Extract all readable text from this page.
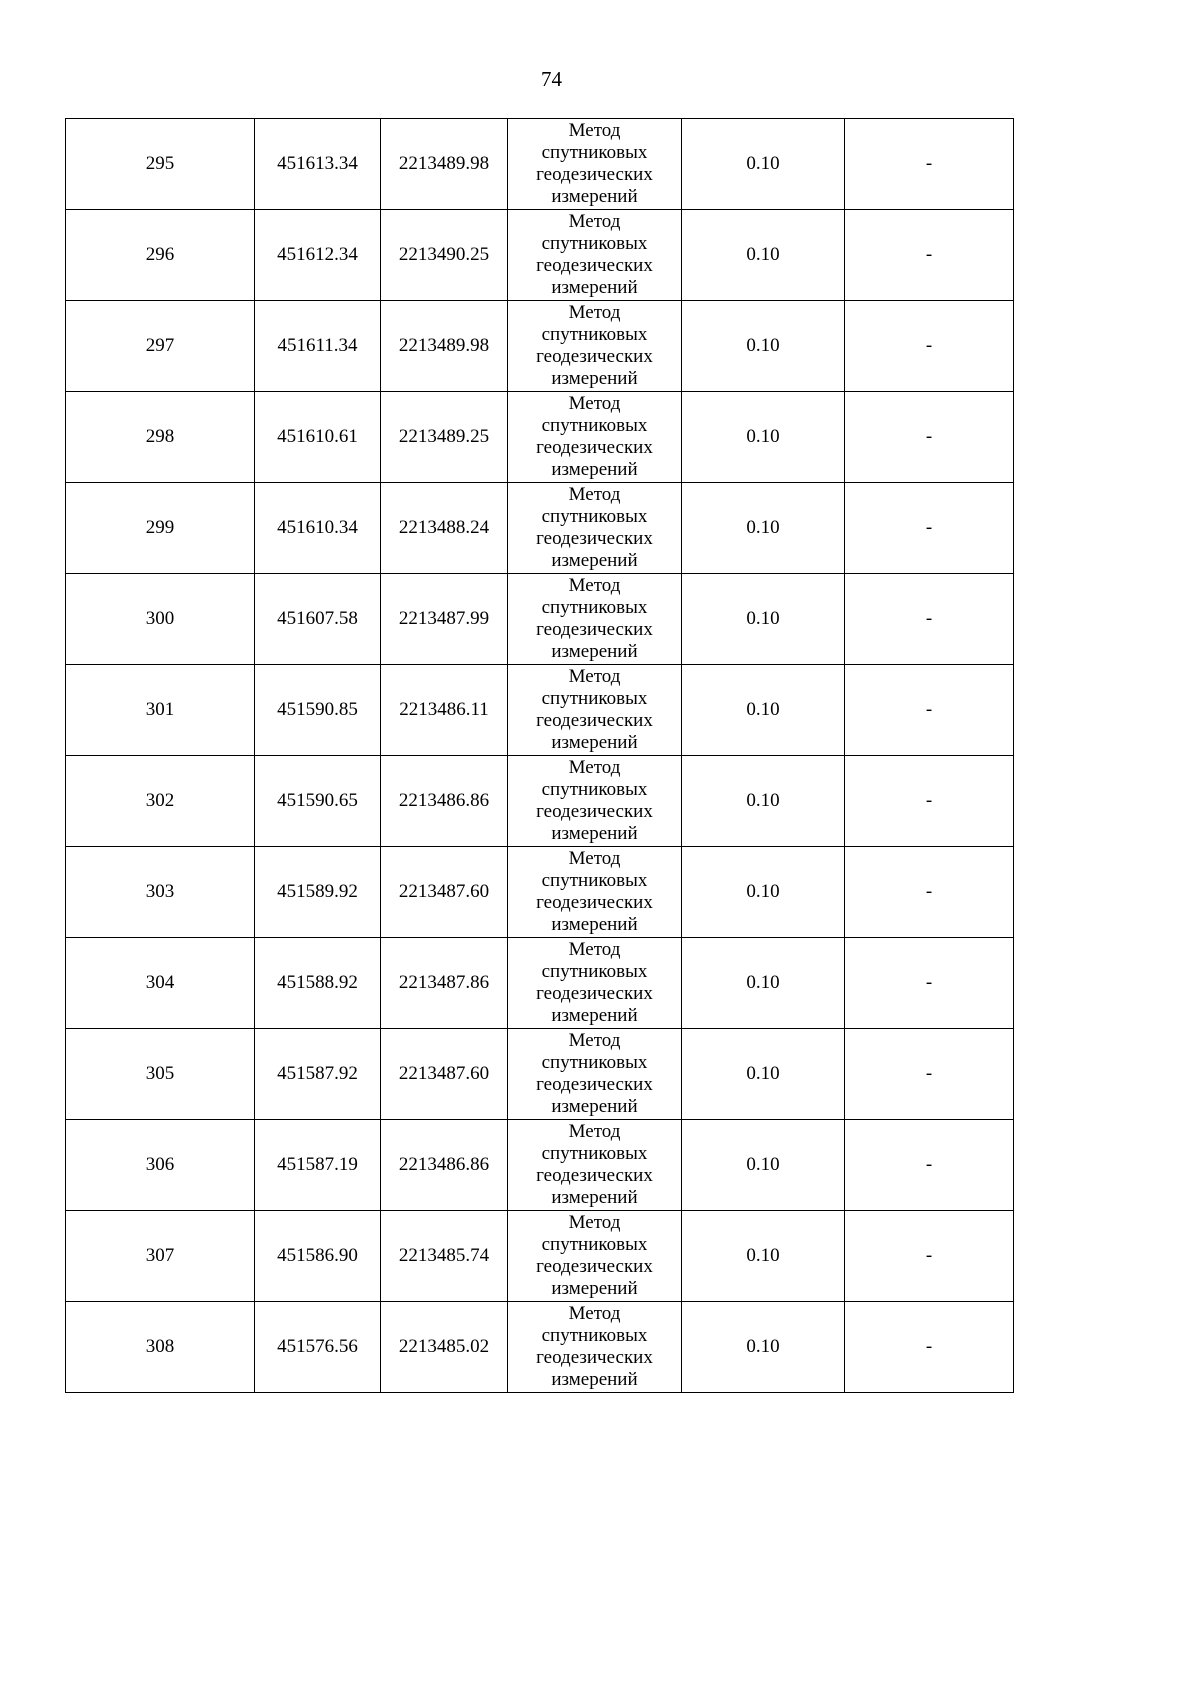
74
295	451613.34	2213489.98	Метод
спутниковых
геодезических
измерений	0.10	-
296	451612.34	2213490.25	Метод
спутниковых
геодезических
измерений	0.10	-
297	451611.34	2213489.98	Метод
спутниковых
геодезических
измерений	0.10	-
298	451610.61	2213489.25	Метод
спутниковых
геодезических
измерений	0.10	-
299	451610.34	2213488.24	Метод
спутниковых
геодезических
измерений	0.10	-
300	451607.58	2213487.99	Метод
спутниковых
геодезических
измерений	0.10	-
301	451590.85	2213486.11	Метод
спутниковых
геодезических
измерений	0.10	-
302	451590.65	2213486.86	Метод
спутниковых
геодезических
измерений	0.10	-
303	451589.92	2213487.60	Метод
спутниковых
геодезических
измерений	0.10	-
304	451588.92	2213487.86	Метод
спутниковых
геодезических
измерений	0.10	-
305	451587.92	2213487.60	Метод
спутниковых
геодезических
измерений	0.10	-
306	451587.19	2213486.86	Метод
спутниковых
геодезических
измерений	0.10	-
307	451586.90	2213485.74	Метод
спутниковых
геодезических
измерений	0.10	-
308	451576.56	2213485.02	Метод
спутниковых
геодезических
измерений	0.10	-
